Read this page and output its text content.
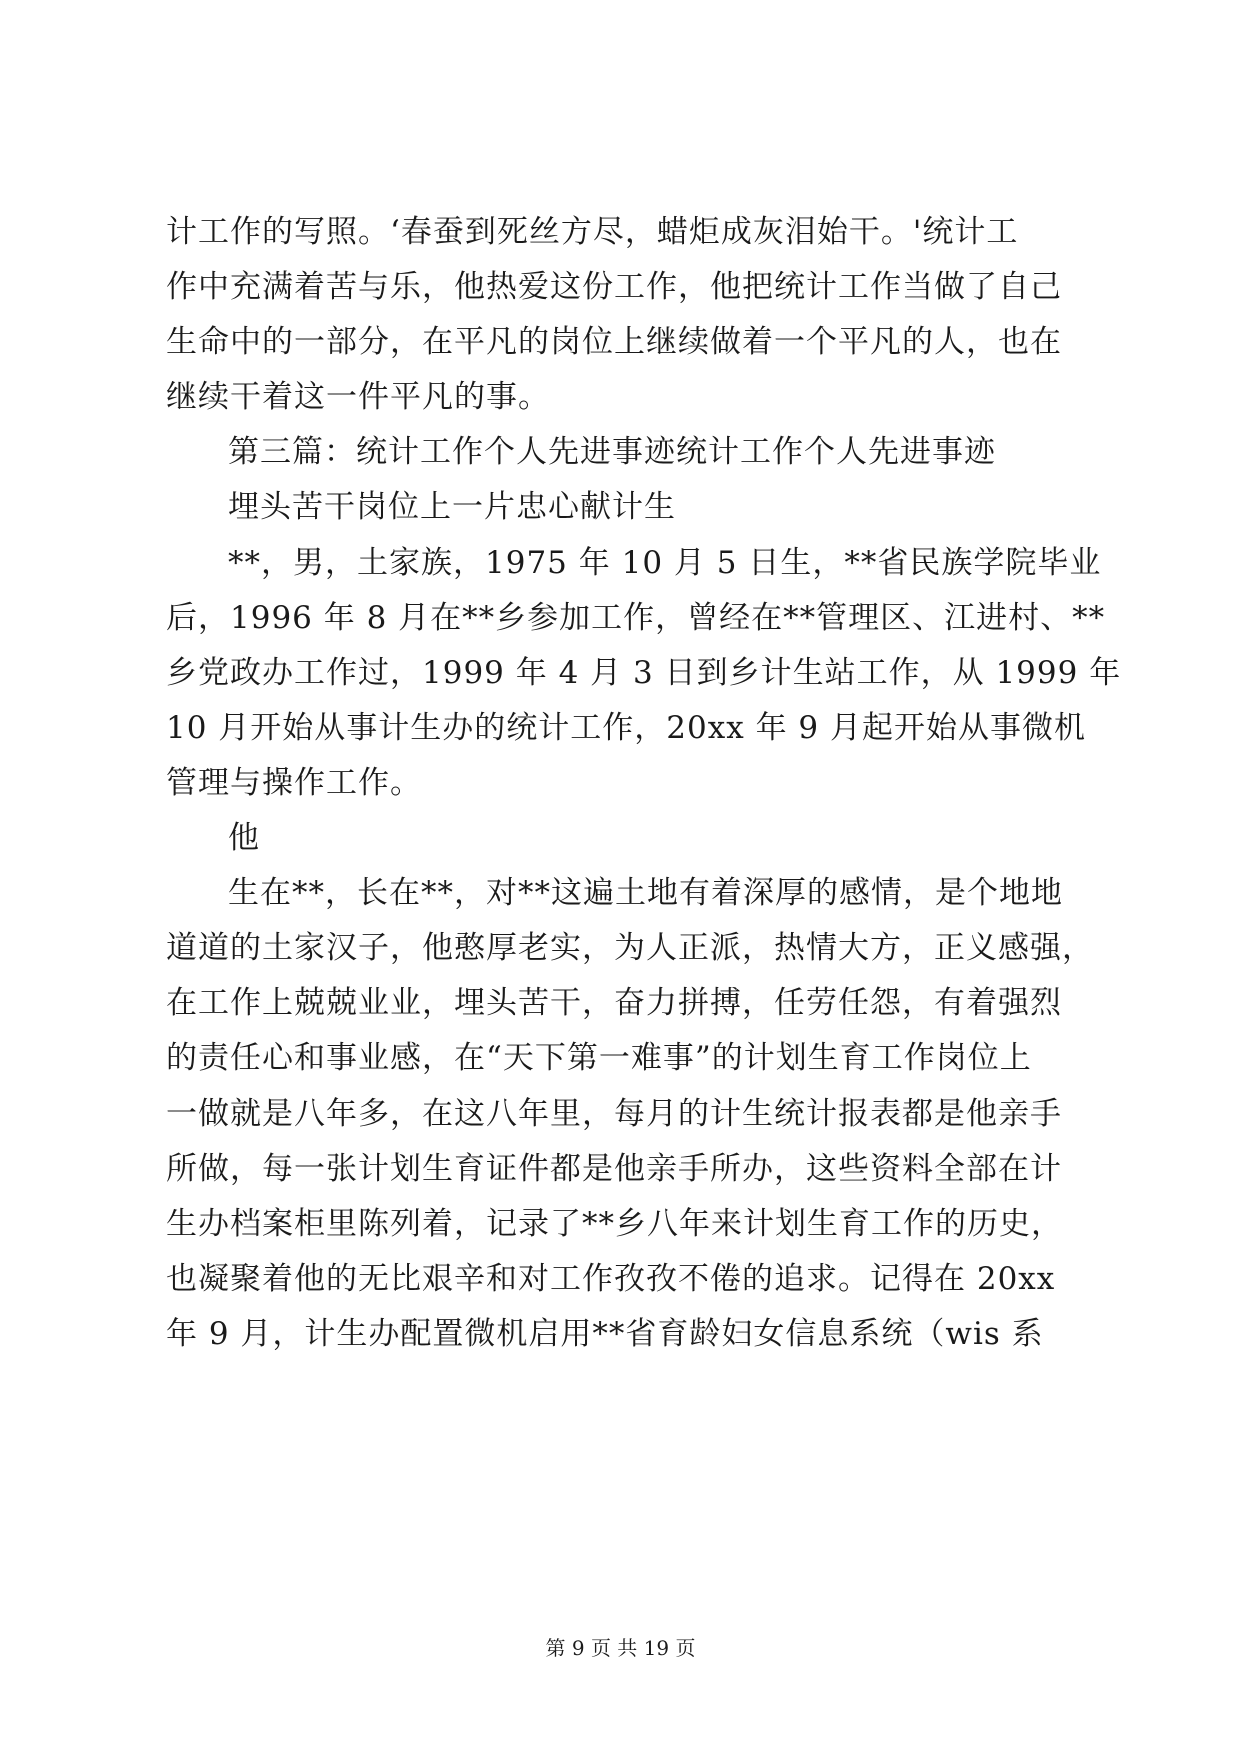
计工作的写照。‘春蚕到死丝方尽，蜡炬成灰泪始干。'统计工
作中充满着苦与乐，他热爱这份工作，他把统计工作当做了自己
生命中的一部分，在平凡的岗位上继续做着一个平凡的人，也在
继续干着这一件平凡的事。
第三篇：统计工作个人先进事迹统计工作个人先进事迹
埋头苦干岗位上一片忠心献计生
**，男，土家族，1975 年 10 月 5 日生，**省民族学院毕业
后，1996 年 8 月在**乡参加工作，曾经在**管理区、江进村、**
乡党政办工作过，1999 年 4 月 3 日到乡计生站工作，从 1999 年
10 月开始从事计生办的统计工作，20xx 年 9 月起开始从事微机
管理与操作工作。
他
生在**，长在**，对**这遍土地有着深厚的感情，是个地地
道道的土家汉子，他憨厚老实，为人正派，热情大方，正义感强，
在工作上兢兢业业，埋头苦干，奋力拼搏，任劳任怨，有着强烈
的责任心和事业感，在“天下第一难事”的计划生育工作岗位上
一做就是八年多，在这八年里，每月的计生统计报表都是他亲手
所做，每一张计划生育证件都是他亲手所办，这些资料全部在计
生办档案柜里陈列着，记录了**乡八年来计划生育工作的历史，
也凝聚着他的无比艰辛和对工作孜孜不倦的追求。记得在 20xx
年 9 月，计生办配置微机启用**省育龄妇女信息系统（wis 系
第 9 页 共 19 页
